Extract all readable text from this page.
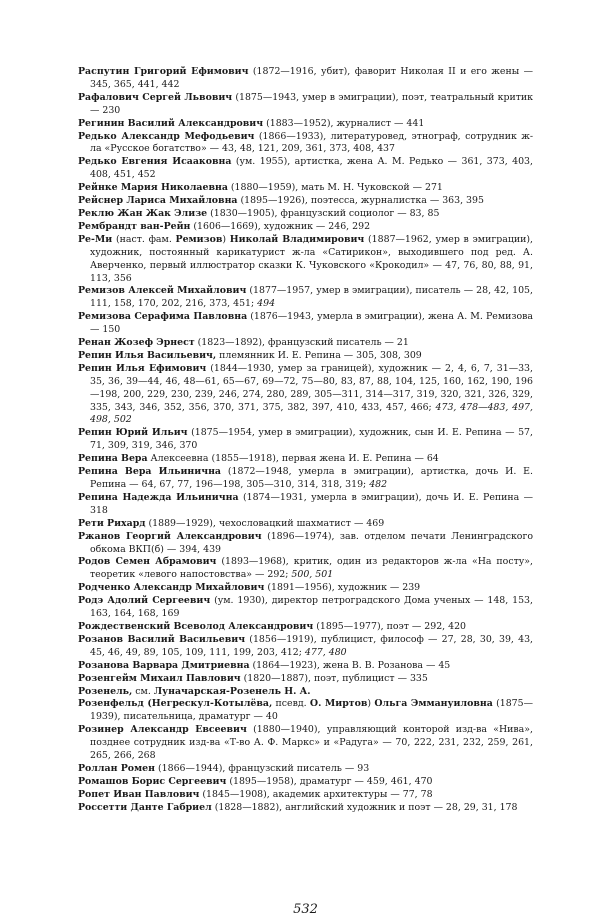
Распутин Григорий Ефимович (1872—1916, убит), фаворит Николая II и его жены — 345, 365, 441, 442

Рафалович Сергей Львович (1875—1943, умер в эмиграции), поэт, театральный критик — 230

Регинин Василий Александрович (1883—1952), журналист — 441

Редько Александр Мефодьевич (1866—1933), литературовед, этнограф, сотрудник ж-ла «Русское богатство» — 43, 48, 121, 209, 361, 373, 408, 437

Редько Евгения Исааковна (ум. 1955), артистка, жена А. М. Редько — 361, 373, 403, 408, 451, 452

Рейнке Мария Николаевна (1880—1959), мать М. Н. Чуковской — 271

Рейснер Лариса Михайловна (1895—1926), поэтесса, журналистка — 363, 395

Реклю Жан Жак Элизе (1830—1905), французский социолог — 83, 85

Рембрандт ван-Рейн (1606—1669), художник — 246, 292

Ре-Ми (наст. фам. Ремизов) Николай Владимирович (1887—1962, умер в эмиграции), художник, постоянный карикатурист ж-ла «Сатирикон», выходившего под ред. А. Аверченко, первый иллюстратор сказки К. Чуковского «Крокодил» — 47, 76, 80, 88, 91, 113, 356

Ремизов Алексей Михайлович (1877—1957, умер в эмиграции), писатель — 28, 42, 105, 111, 158, 170, 202, 216, 373, 451; 494

Ремизова Серафима Павловна (1876—1943, умерла в эмиграции), жена А. М. Ремизова — 150

Ренан Жозеф Эрнест (1823—1892), французский писатель — 21

Репин Илья Васильевич, племянник И. Е. Репина — 305, 308, 309

Репин Илья Ефимович (1844—1930, умер за границей), художник — 2, 4, 6, 7, 31—33, 35, 36, 39—44, 46, 48—61, 65—67, 69—72, 75—80, 83, 87, 88, 104, 125, 160, 162, 190, 196—198, 200, 229, 230, 239, 246, 274, 280, 289, 305—311, 314—317, 319, 320, 321, 326, 329, 335, 343, 346, 352, 356, 370, 371, 375, 382, 397, 410, 433, 457, 466; 473, 478—483, 497, 498, 502

Репин Юрий Ильич (1875—1954, умер в эмиграции), художник, сын И. Е. Репина — 57, 71, 309, 319, 346, 370

Репина Вера Алексеевна (1855—1918), первая жена И. Е. Репина — 64

Репина Вера Ильинична (1872—1948, умерла в эмиграции), артистка, дочь И. Е. Репина — 64, 67, 77, 196—198, 305—310, 314, 318, 319; 482

Репина Надежда Ильинична (1874—1931, умерла в эмиграции), дочь И. Е. Репина — 318

Рети Рихард (1889—1929), чехословацкий шахматист — 469

Ржанов Георгий Александрович (1896—1974), зав. отделом печати Ленинградского обкома ВКП(б) — 394, 439

Родов Семен Абрамович (1893—1968), критик, один из редакторов ж-ла «На посту», теоретик «левого напостовства» — 292; 500, 501

Родченко Александр Михайлович (1891—1956), художник — 239

Родэ Адолий Сергеевич (ум. 1930), директор петроградского Дома ученых — 148, 153, 163, 164, 168, 169

Рождественский Всеволод Александрович (1895—1977), поэт — 292, 420

Розанов Василий Васильевич (1856—1919), публицист, философ — 27, 28, 30, 39, 43, 45, 46, 49, 89, 105, 109, 111, 199, 203, 412; 477, 480

Розанова Варвара Дмитриевна (1864—1923), жена В. В. Розанова — 45

Розенгейм Михаил Павлович (1820—1887), поэт, публицист — 335

Розенель, см. Луначарская-Розенель Н. А.

Розенфельд (Негрескул-Котылёва, псевд. О. Миртов) Ольга Эммануиловна (1875—1939), писательница, драматург — 40

Розинер Александр Евсеевич (1880—1940), управляющий конторой изд-ва «Нива», позднее сотрудник изд-ва «Т-во А. Ф. Маркс» и «Радуга» — 70, 222, 231, 232, 259, 261, 265, 266, 268

Роллан Ромен (1866—1944), французский писатель — 93

Ромашов Борис Сергеевич (1895—1958), драматург — 459, 461, 470

Ропет Иван Павлович (1845—1908), академик архитектуры — 77, 78

Россетти Данте Габриел (1828—1882), английский художник и поэт — 28, 29, 31, 178

532
